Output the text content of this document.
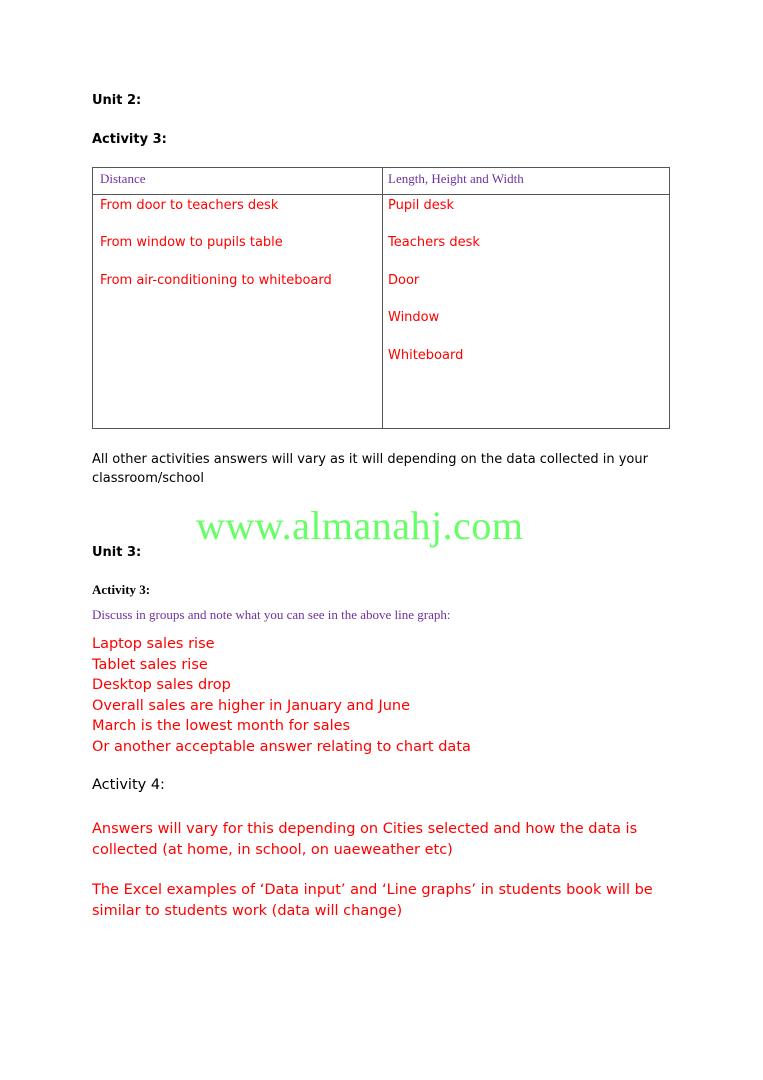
Unit 2:
Activity 3:
Distance	Length, Height and Width
From door to teachers desk
From window to pupils table
From air-conditioning to whiteboard
Pupil desk
Teachers desk
Door
Window
Whiteboard
All other activities answers will vary as it will depending on the data collected in your
classroom/school
www.almanahj.com
Unit 3:
Activity 3:
Discuss in groups and note what you can see in the above line graph:
Laptop sales rise
Tablet sales rise
Desktop sales drop
Overall sales are higher in January and June
March is the lowest month for sales
Or another acceptable answer relating to chart data
Activity 4:
Answers will vary for this depending on Cities selected and how the data is collected (at home, in school, on uaeweather etc)
The Excel examples of ‘Data input’ and ‘Line graphs’ in students book will be similar to students work (data will change)
